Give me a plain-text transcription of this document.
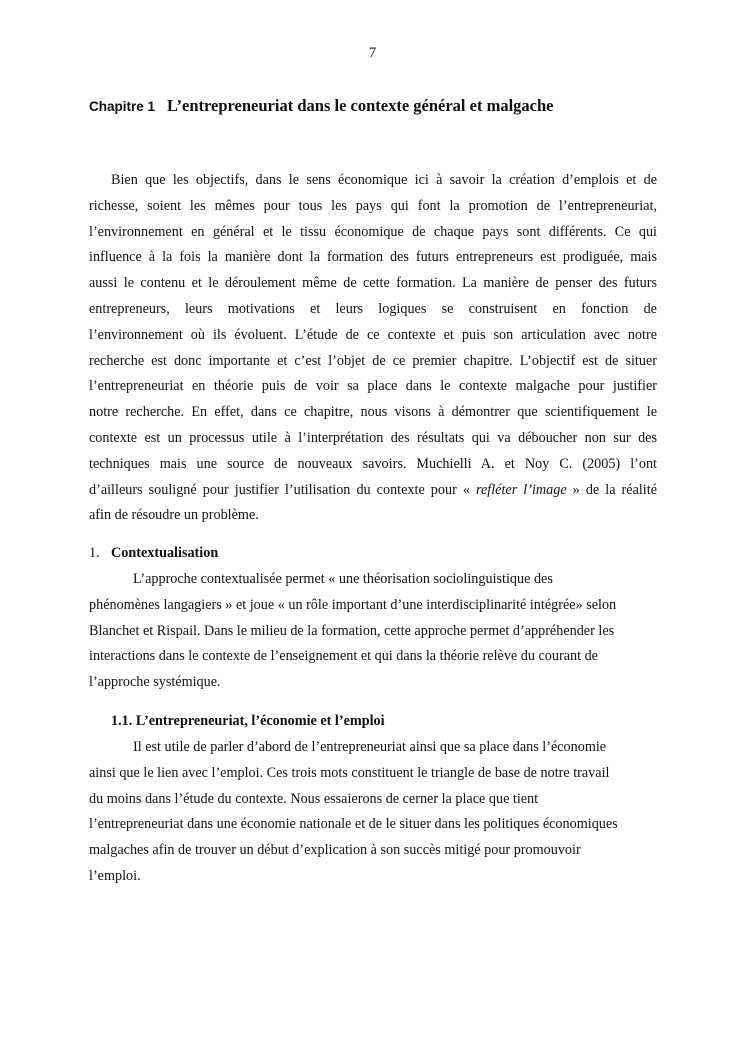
7
Chapitre 1 L’entrepreneuriat dans le contexte général et malgache
Bien que les objectifs, dans le sens économique ici à savoir la création d’emplois et de
richesse, soient les mêmes pour tous les pays qui font la promotion de l’entrepreneuriat,
l’environnement en général et le tissu économique de chaque pays sont différents. Ce qui
influence à la fois la manière dont la formation des futurs entrepreneurs est prodiguée, mais
aussi le contenu et le déroulement même de cette formation. La manière de penser des futurs
entrepreneurs, leurs motivations et leurs logiques se construisent en fonction de
l’environnement où ils évoluent. L’étude de ce contexte et puis son articulation avec notre
recherche est donc importante et c’est l’objet de ce premier chapitre. L’objectif est de situer
l’entrepreneuriat en théorie puis de voir sa place dans le contexte malgache pour justifier
notre recherche. En effet, dans ce chapitre, nous visons à démontrer que scientifiquement le
contexte est un processus utile à l’interprétation des résultats qui va déboucher non sur des
techniques mais une source de nouveaux savoirs. Muchielli A. et Noy C. (2005) l’ont
d’ailleurs souligné pour justifier l’utilisation du contexte pour « refléter l’image » de la réalité
afin de résoudre un problème.
1. Contextualisation
L’approche contextualisée permet « une théorisation sociolinguistique des
phénomènes langagiers » et joue « un rôle important d’une interdisciplinarité intégrée» selon
Blanchet et Rispail. Dans le milieu de la formation, cette approche permet d’appréhender les
interactions dans le contexte de l’enseignement et qui dans la théorie relève du courant de
l’approche systémique.
1.1. L’entrepreneuriat, l’économie et l’emploi
Il est utile de parler d’abord de l’entrepreneuriat ainsi que sa place dans l’économie
ainsi que le lien avec l’emploi. Ces trois mots constituent le triangle de base de notre travail
du moins dans l’étude du contexte. Nous essaierons de cerner la place que tient
l’entrepreneuriat dans une économie nationale et de le situer dans les politiques économiques
malgaches afin de trouver un début d’explication à son succès mitigé pour promouvoir
l’emploi.
